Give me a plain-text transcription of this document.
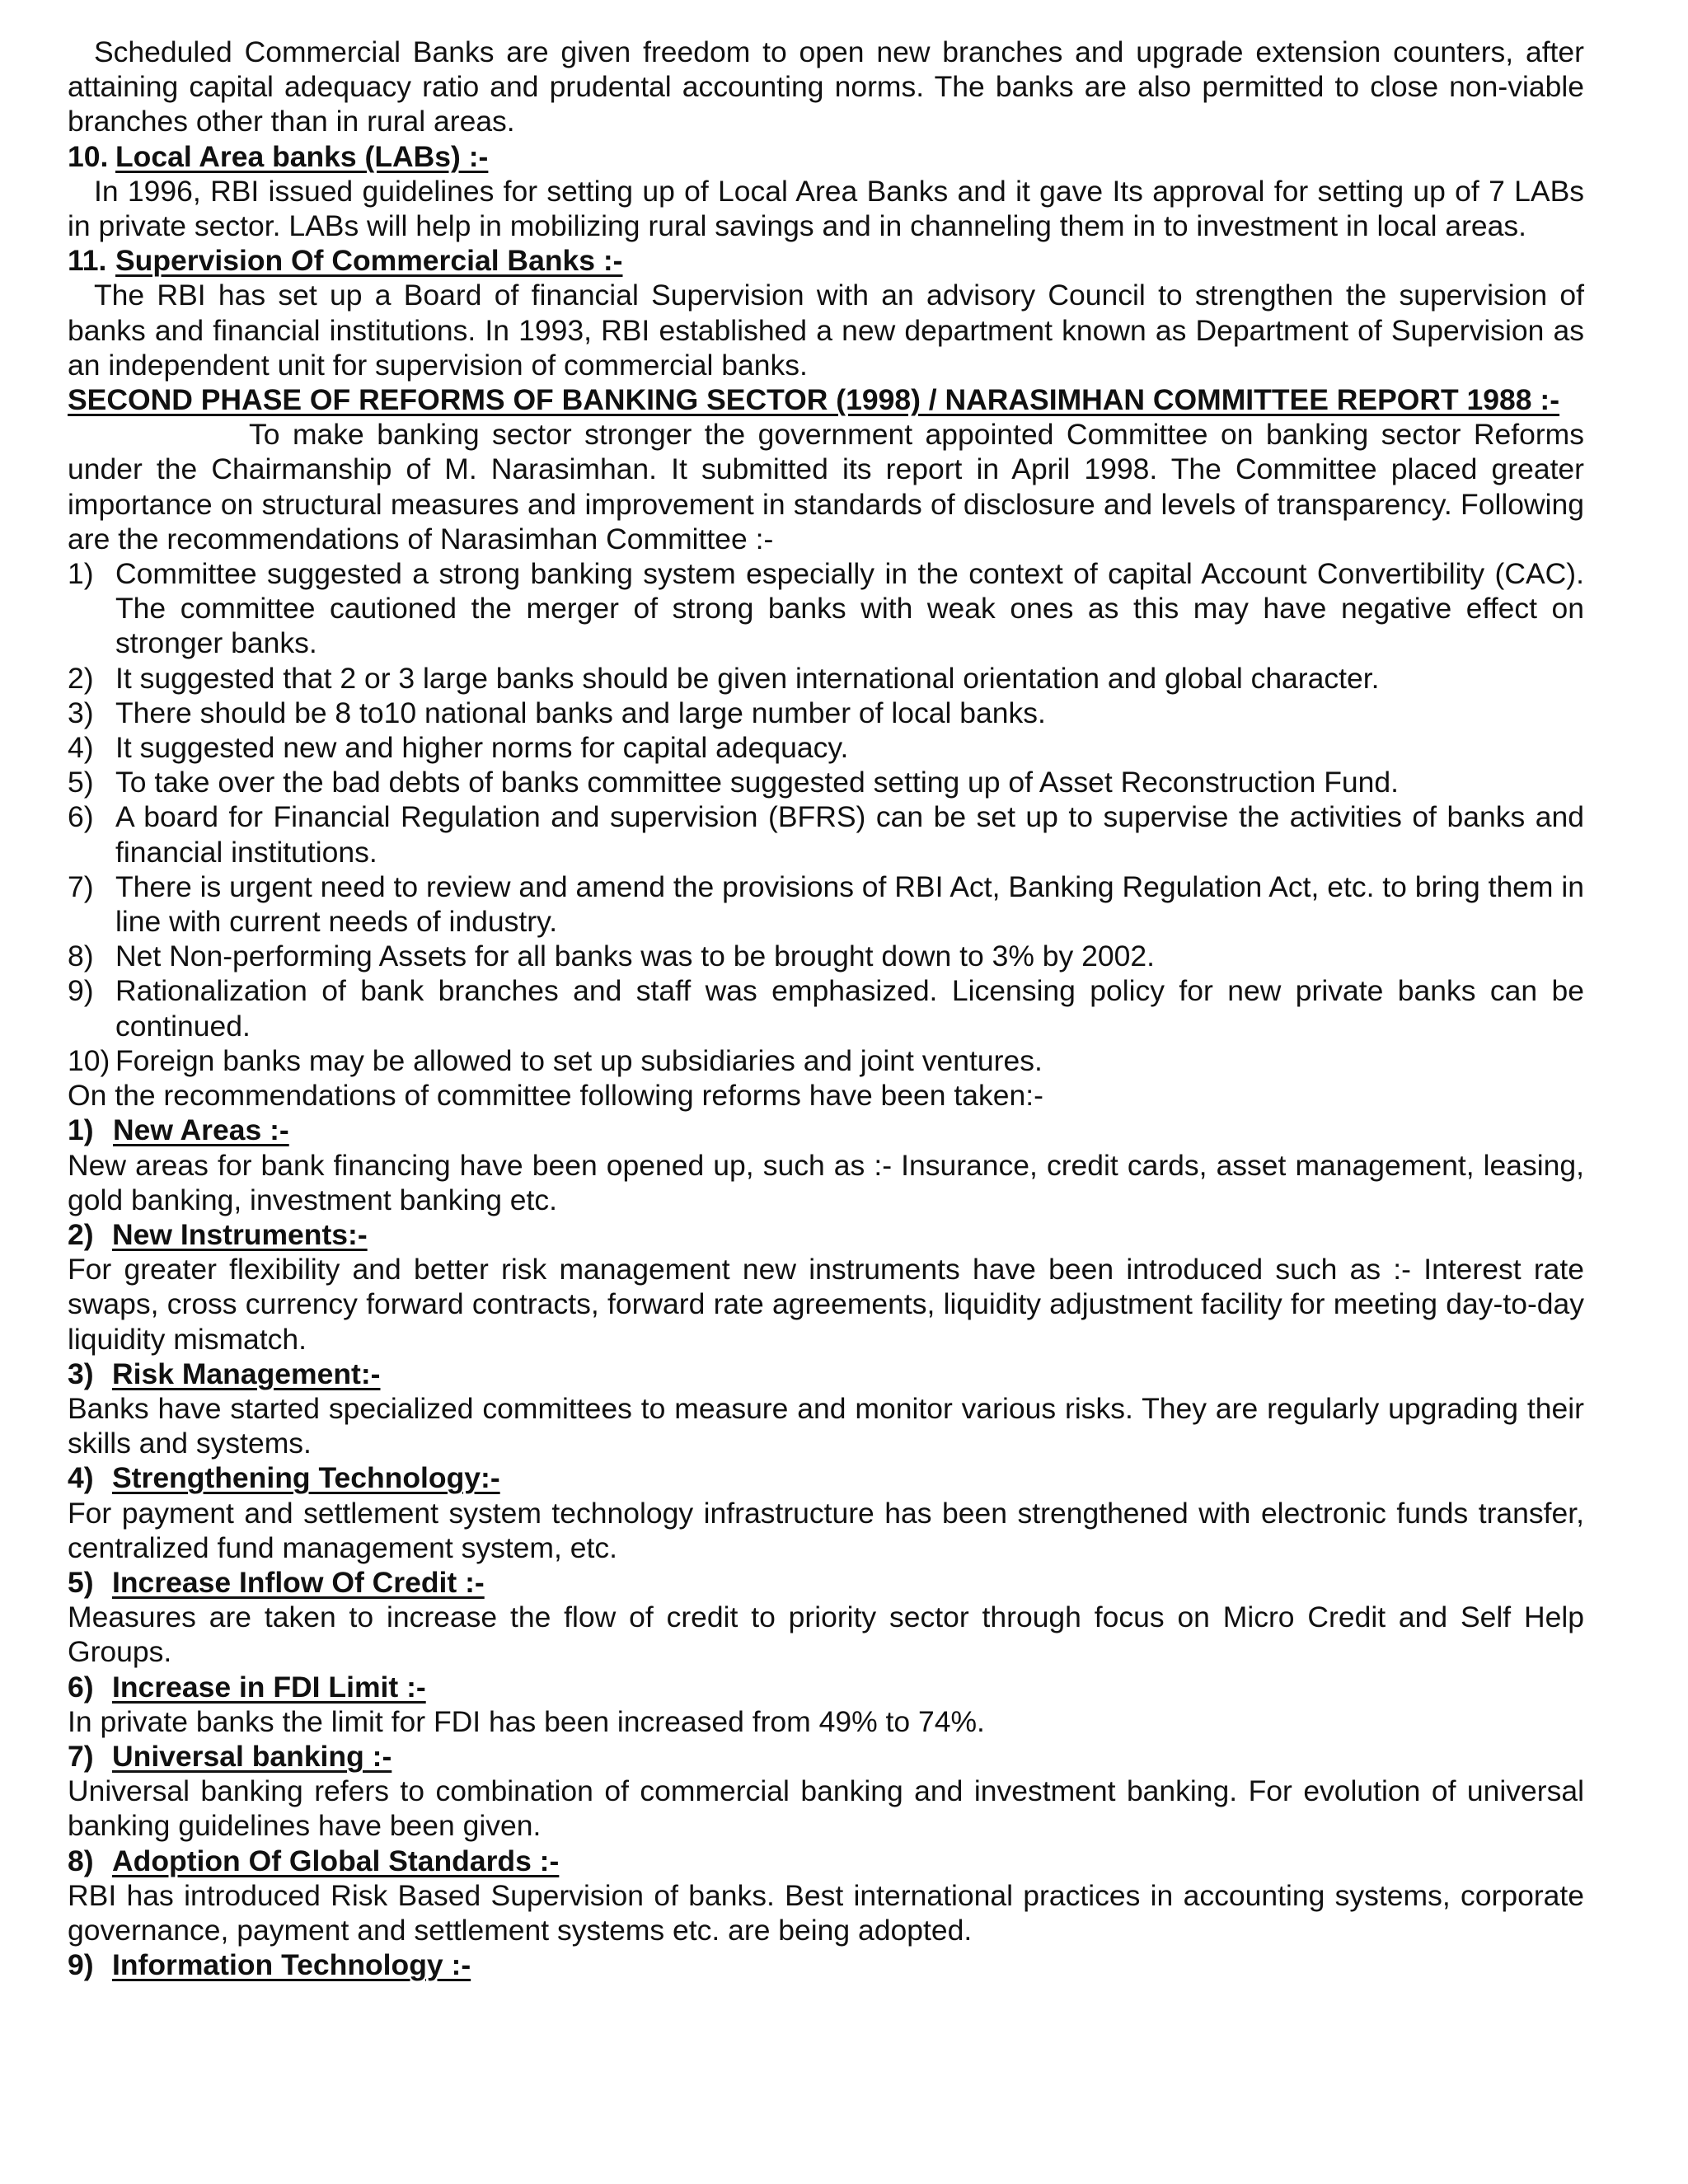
Scheduled Commercial Banks are given freedom to open new branches and upgrade extension counters, after attaining capital adequacy ratio and prudental accounting norms. The banks are also permitted to close non-viable branches other than in rural areas.

10. Local Area banks (LABs) :-

In 1996, RBI issued guidelines for setting up of Local Area Banks and it gave Its approval for setting up of 7 LABs in private sector. LABs will help in mobilizing rural savings and in channeling them in to investment in local areas.

11. Supervision Of Commercial Banks :-

The RBI has set up a Board of financial Supervision with an advisory Council to strengthen the supervision of banks and financial institutions. In 1993, RBI established a new department known as Department of Supervision as an independent unit for supervision of commercial banks.

SECOND PHASE OF REFORMS OF BANKING SECTOR (1998) / NARASIMHAN COMMITTEE REPORT 1988 :-

To make banking sector stronger the government appointed Committee on banking sector Reforms under the Chairmanship of M. Narasimhan. It submitted its report in April 1998. The Committee placed greater importance on structural measures and improvement in standards of disclosure and levels of transparency. Following are the recommendations of Narasimhan Committee :-

1) Committee suggested a strong banking system especially in the context of capital Account Convertibility (CAC). The committee cautioned the merger of strong banks with weak ones as this may have negative effect on stronger banks.
2) It suggested that 2 or 3 large banks should be given international orientation and global character.
3) There should be 8 to10 national banks and large number of local banks.
4) It suggested new and higher norms for capital adequacy.
5) To take over the bad debts of banks committee suggested setting up of Asset Reconstruction Fund.
6) A board for Financial Regulation and supervision (BFRS) can be set up to supervise the activities of banks and financial institutions.
7) There is urgent need to review and amend the provisions of RBI Act, Banking Regulation Act, etc. to bring them in line with current needs of industry.
8) Net Non-performing Assets for all banks was to be brought down to 3% by 2002.
9) Rationalization of bank branches and staff was emphasized. Licensing policy for new private banks can be continued.
10) Foreign banks may be allowed to set up subsidiaries and joint ventures.

On the recommendations of committee following reforms have been taken:-

1) New Areas :-

New areas for bank financing have been opened up, such as :- Insurance, credit cards, asset management, leasing, gold banking, investment banking etc.

2) New Instruments:-

For greater flexibility and better risk management new instruments have been introduced such as :- Interest rate swaps, cross currency forward contracts, forward rate agreements, liquidity adjustment facility for meeting day-to-day liquidity mismatch.

3) Risk Management:-

Banks have started specialized committees to measure and monitor various risks. They are regularly upgrading their skills and systems.

4) Strengthening Technology:-

For payment and settlement system technology infrastructure has been strengthened with electronic funds transfer, centralized fund management system, etc.

5) Increase Inflow Of Credit :-

Measures are taken to increase the flow of credit to priority sector through focus on Micro Credit and Self Help Groups.

6) Increase in FDI Limit :-

In private banks the limit for FDI has been increased from 49% to 74%.

7) Universal banking :-

Universal banking refers to combination of commercial banking and investment banking. For evolution of universal banking guidelines have been given.

8) Adoption Of Global Standards :-

RBI has introduced Risk Based Supervision of banks. Best international practices in accounting systems, corporate governance, payment and settlement systems etc. are being adopted.

9) Information Technology :-
